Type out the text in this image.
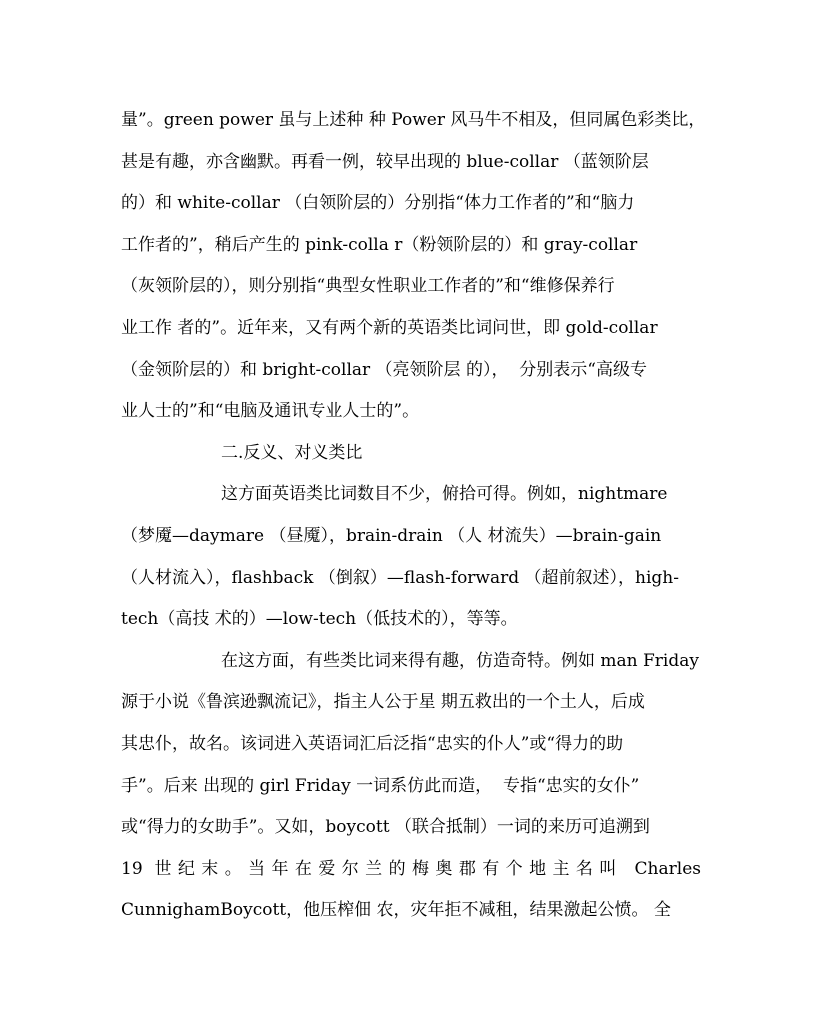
量”。green power 虽与上述种 种 Power 风马牛不相及，但同属色彩类比，
甚是有趣，亦含幽默。再看一例，较早出现的 blue-collar （蓝领阶层
的）和 white-collar （白领阶层的）分别指“体力工作者的”和“脑力
工作者的”，稍后产生的 pink-colla r（粉领阶层的）和 gray-collar
（灰领阶层的），则分别指“典型女性职业工作者的”和“维修保养行
业工作 者的”。近年来，又有两个新的英语类比词问世，即 gold-collar
（金领阶层的）和 bright-collar （亮领阶层 的），  分别表示“高级专
业人士的”和“电脑及通讯专业人士的”。
二.反义、对义类比
这方面英语类比词数目不少，俯拾可得。例如，nightmare
（梦魇—daymare （昼魇），brain-drain （人 材流失）—brain-gain
（人材流入），flashback （倒叙）—flash-forward （超前叙述），high-
tech（高技 术的）—low-tech（低技术的），等等。
在这方面，有些类比词来得有趣，仿造奇特。例如 man Friday
源于小说《鲁滨逊飘流记》，指主人公于星 期五救出的一个土人，后成
其忠仆，故名。该词进入英语词汇后泛指“忠实的仆人”或“得力的助
手”。后来 出现的 girl Friday 一词系仿此而造，  专指“忠实的女仆”
或“得力的女助手”。又如，boycott （联合抵制）一词的来历可追溯到
19 世纪末。当年在爱尔兰的梅奥郡有个地主名叫 Charles
CunnighamBoycott，他压榨佃 农，灾年拒不减租，结果激起公愤。 全
